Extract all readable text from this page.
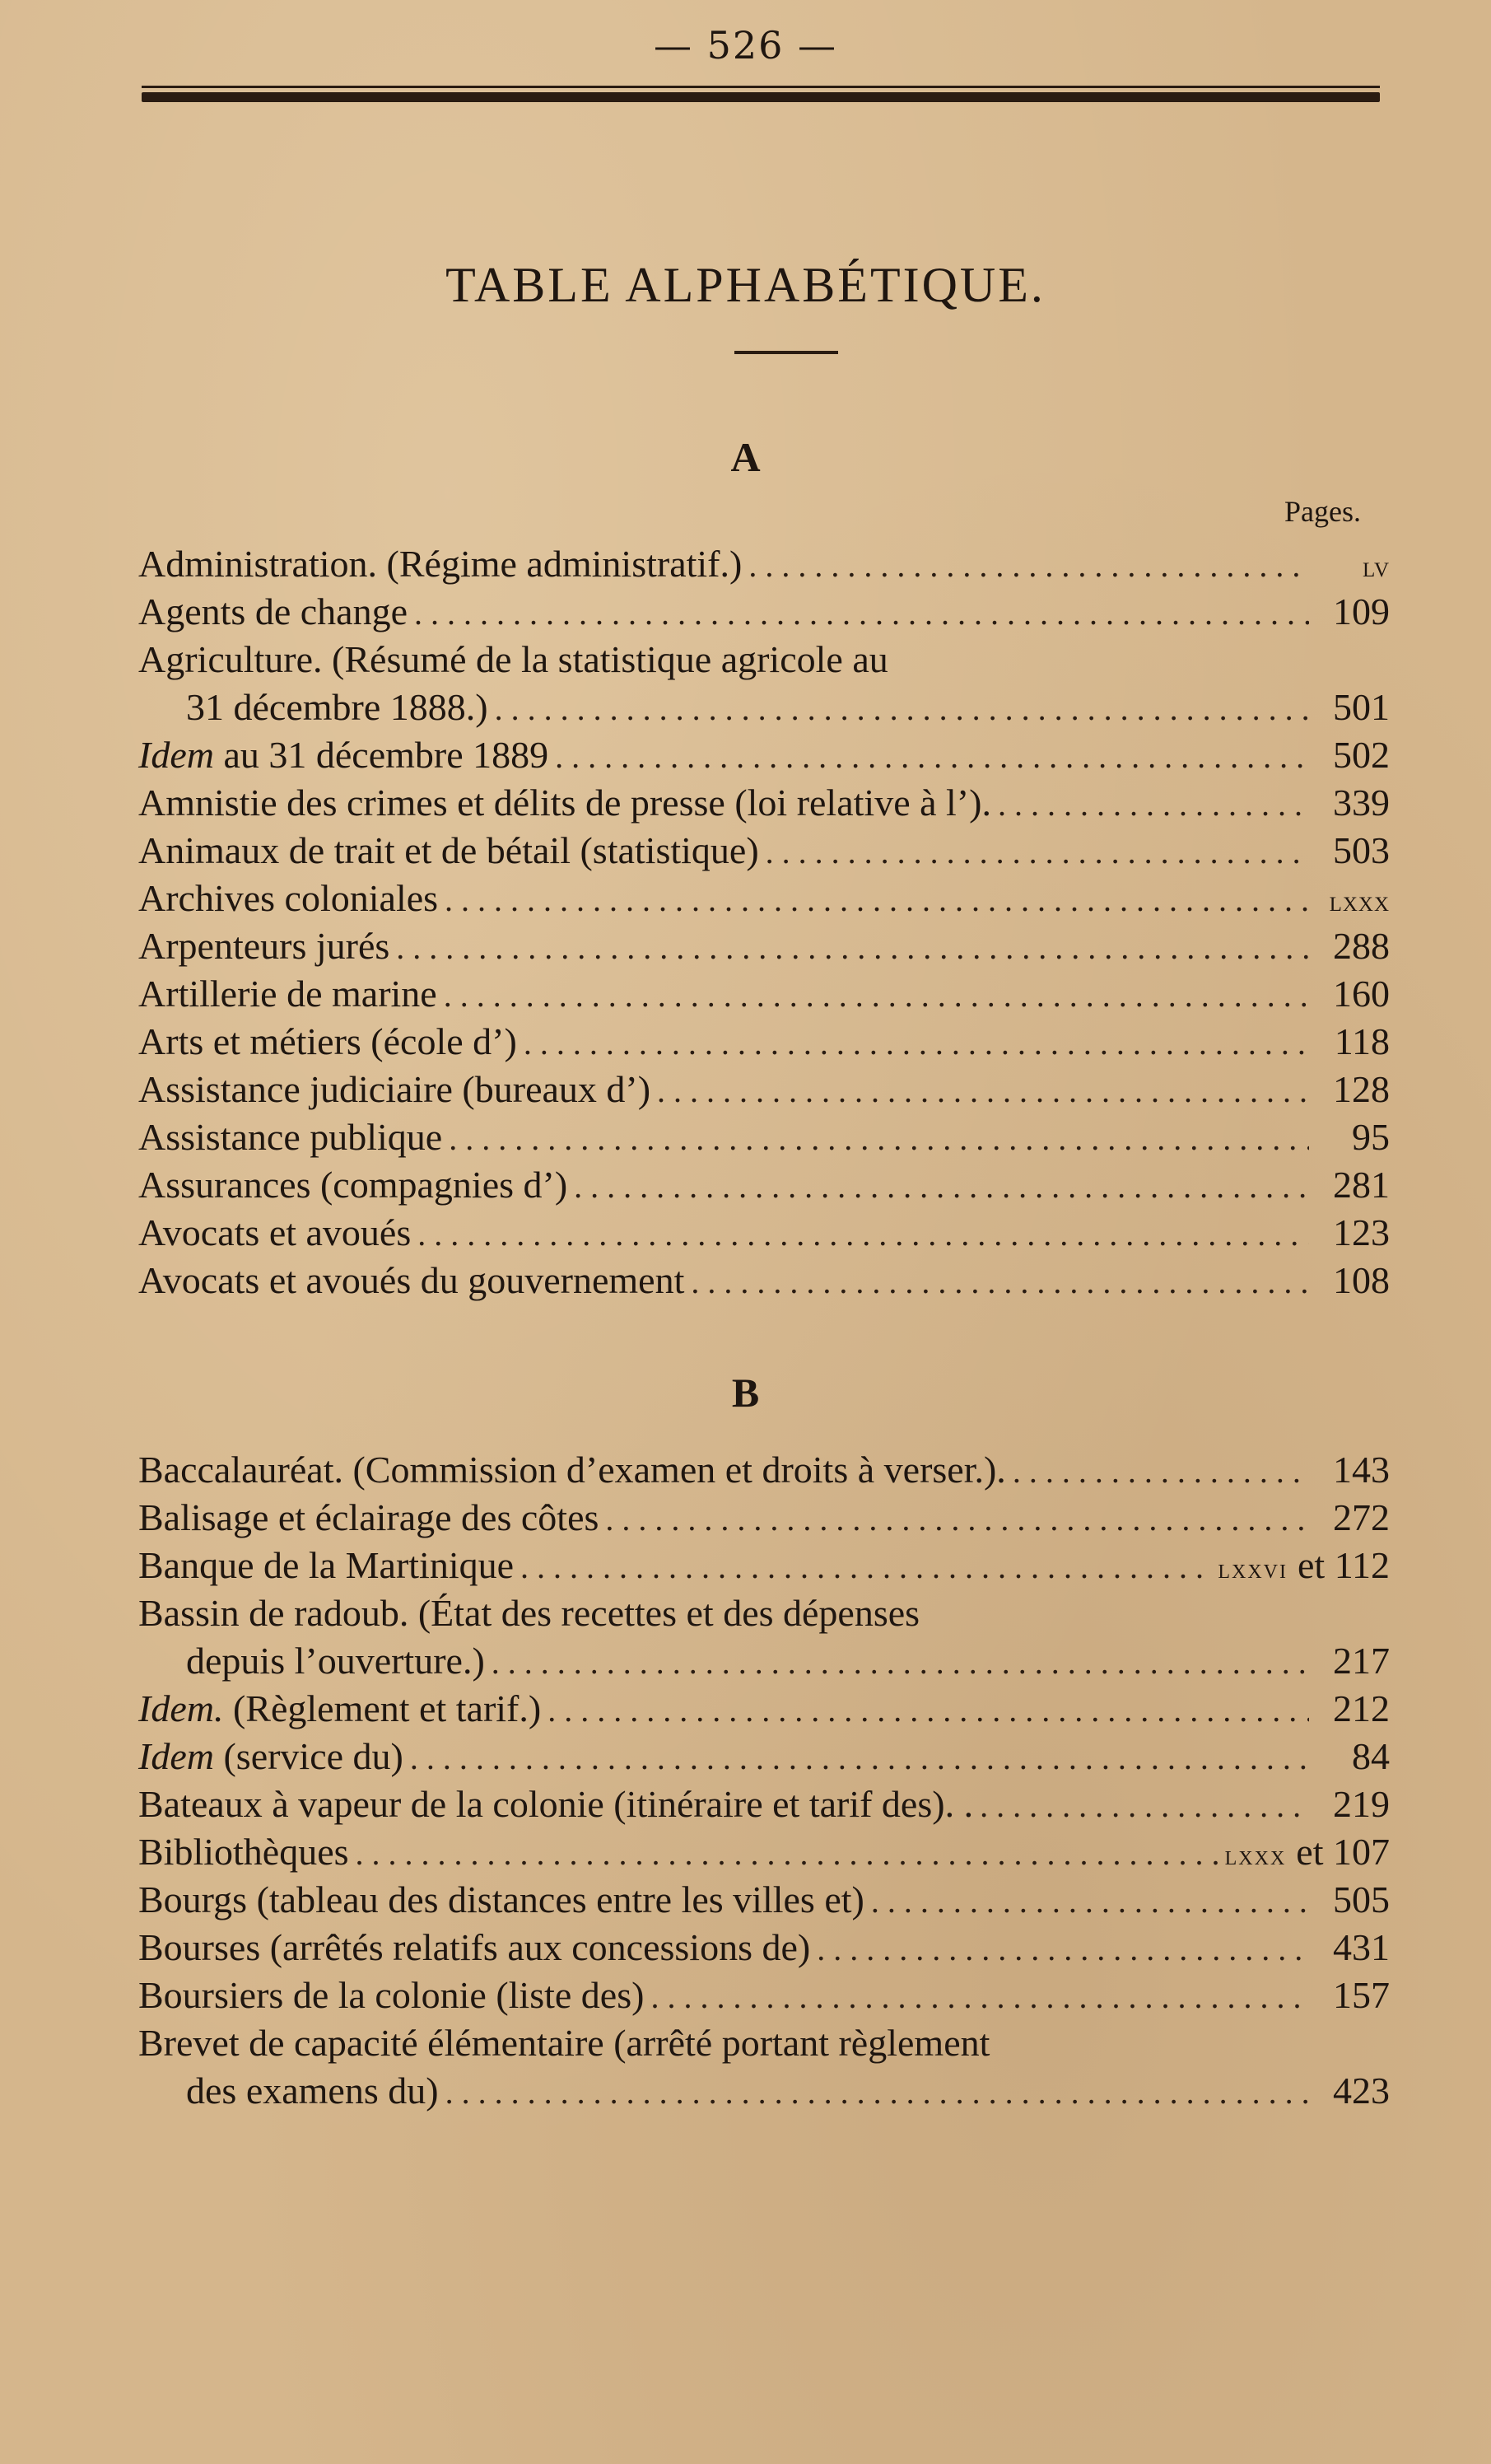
— 526 —
TABLE ALPHABÉTIQUE.
A
Pages.
Administration. (Régime administratif.) . . .	lv
Agents de change . . .	109
Agriculture. (Résumé de la statistique agricole au
31 décembre 1888.) . . .	501
Idem au 31 décembre 1889 . . .	502
Amnistie des crimes et délits de presse (loi relative à l’). . . .	339
Animaux de trait et de bétail (statistique) . . .	503
Archives coloniales . . .	lxxx
Arpenteurs jurés . . .	288
Artillerie de marine . . .	160
Arts et métiers (école d’) . . .	118
Assistance judiciaire (bureaux d’) . . .	128
Assistance publique . . .	95
Assurances (compagnies d’) . . .	281
Avocats et avoués . . .	123
Avocats et avoués du gouvernement . . .	108
B
Baccalauréat. (Commission d’examen et droits à verser.). . . .	143
Balisage et éclairage des côtes . . .	272
Banque de la Martinique . . .	lxxvi et 112
Bassin de radoub. (État des recettes et des dépenses
depuis l’ouverture.) . . .	217
Idem. (Règlement et tarif.) . . .	212
Idem (service du) . . .	84
Bateaux à vapeur de la colonie (itinéraire et tarif des). . . . .	219
Bibliothèques . . .	lxxx et 107
Bourgs (tableau des distances entre les villes et) . . .	505
Bourses (arrêtés relatifs aux concessions de) . . .	431
Boursiers de la colonie (liste des) . . .	157
Brevet de capacité élémentaire (arrêté portant règlement
des examens du) . . .	423
